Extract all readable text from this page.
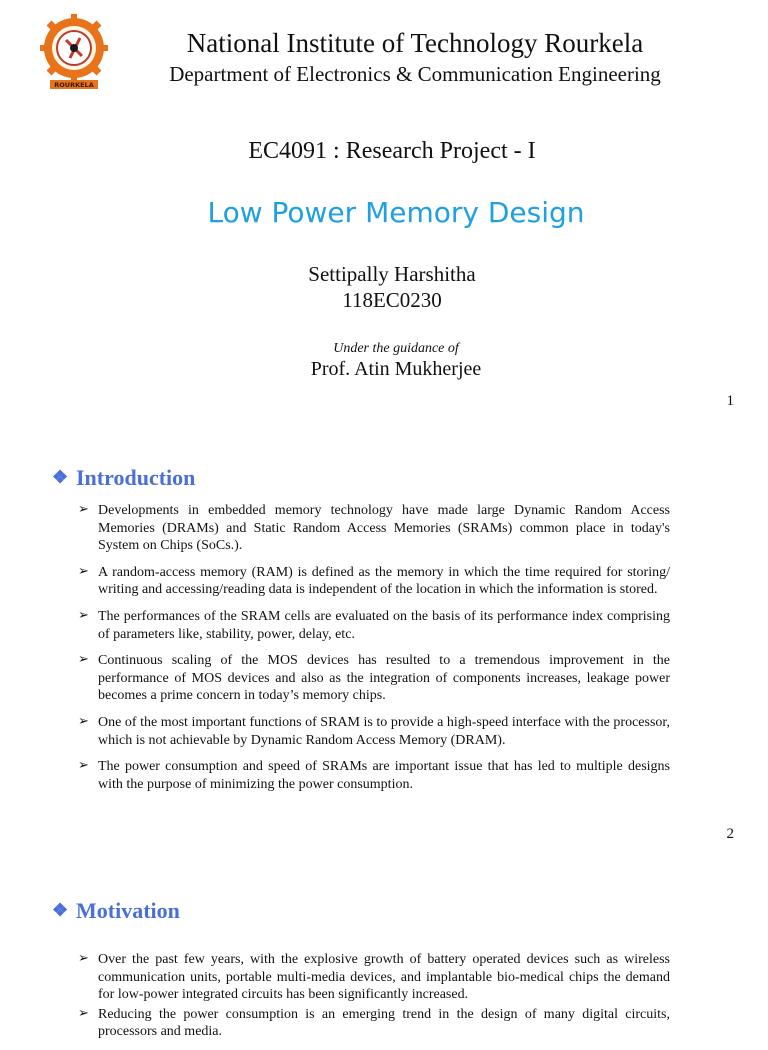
ROURKELA
National Institute of Technology Rourkela
Department of Electronics & Communication Engineering
EC4091 : Research Project - I
Low Power Memory Design
Settipally Harshitha
118EC0230
Under the guidance of
Prof. Atin Mukherjee
1
❖ Introduction
➢ Developments in embedded memory technology have made large Dynamic Random Access Memories (DRAMs) and Static Random Access Memories (SRAMs) common place in today's System on Chips (SoCs.).
➢ A random-access memory (RAM) is defined as the memory in which the time required for storing/ writing and accessing/reading data is independent of the location in which the information is stored.
➢ The performances of the SRAM cells are evaluated on the basis of its performance index comprising of parameters like, stability, power, delay, etc.
➢ Continuous scaling of the MOS devices has resulted to a tremendous improvement in the performance of MOS devices and also as the integration of components increases, leakage power becomes a prime concern in today’s memory chips.
➢ One of the most important functions of SRAM is to provide a high-speed interface with the processor, which is not achievable by Dynamic Random Access Memory (DRAM).
➢ The power consumption and speed of SRAMs are important issue that has led to multiple designs with the purpose of minimizing the power consumption.
2
❖ Motivation
➢ Over the past few years, with the explosive growth of battery operated devices such as wireless communication units, portable multi-media devices, and implantable bio-medical chips the demand for low-power integrated circuits has been significantly increased.
➢ Reducing the power consumption is an emerging trend in the design of many digital circuits, processors and media.
